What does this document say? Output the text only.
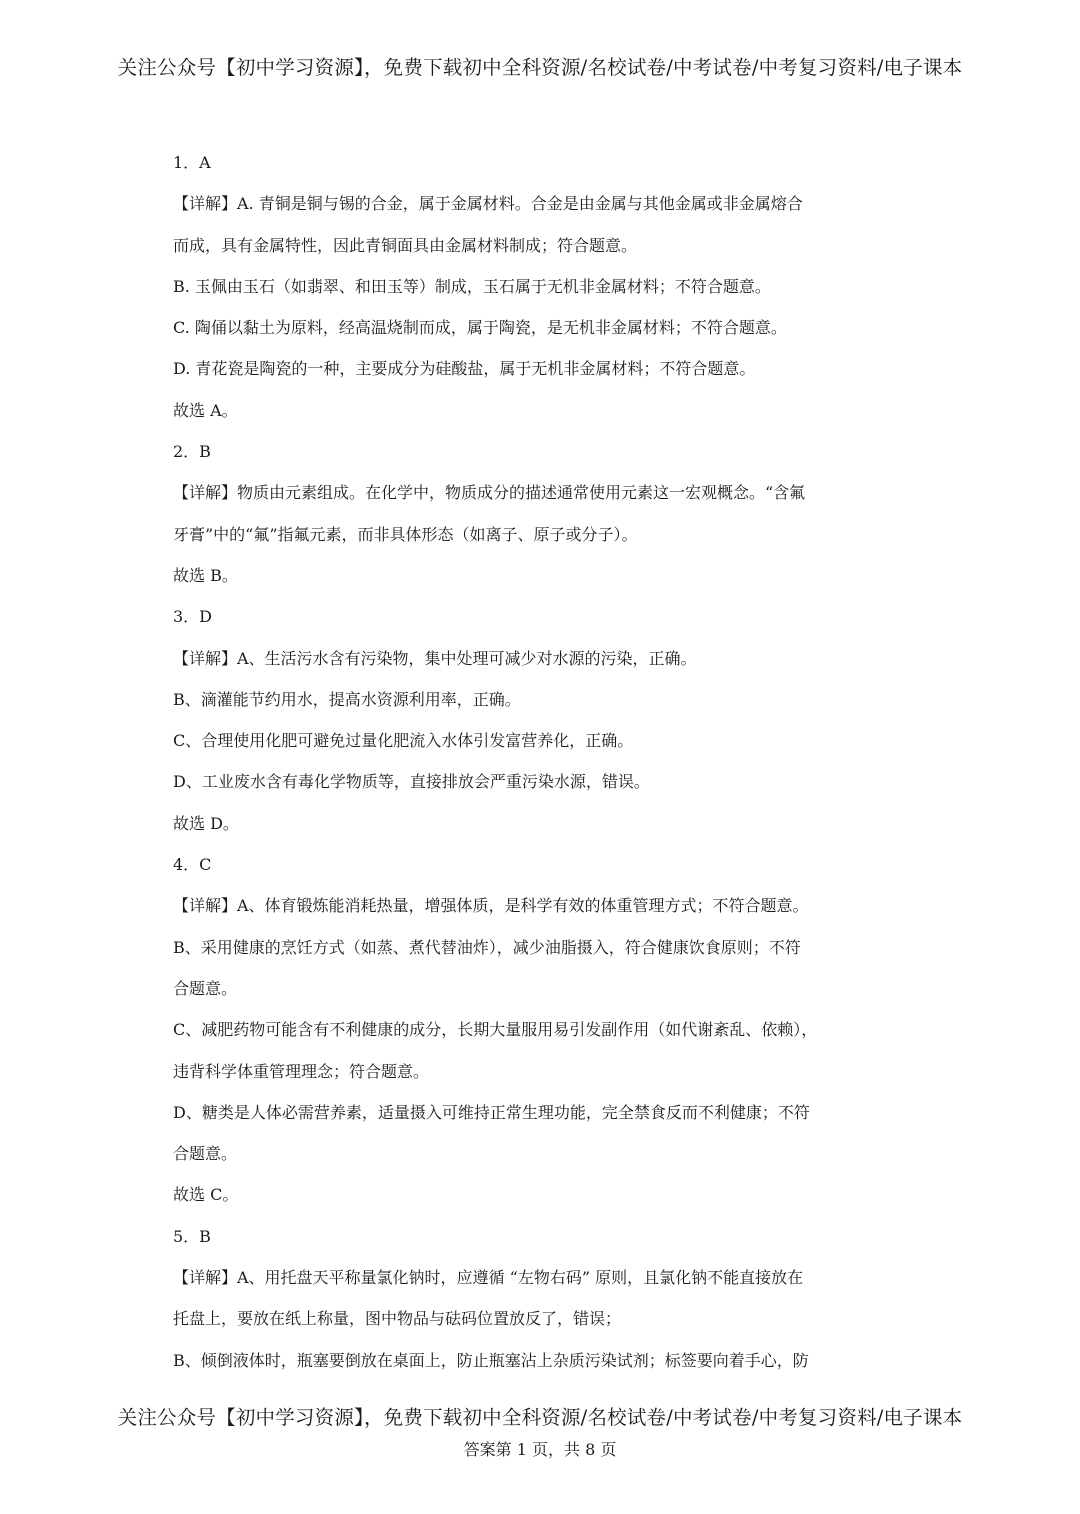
关注公众号【初中学习资源】，免费下载初中全科资源/名校试卷/中考试卷/中考复习资料/电子课本
1．A
【详解】A. 青铜是铜与锡的合金，属于金属材料。合金是由金属与其他金属或非金属熔合
而成，具有金属特性，因此青铜面具由金属材料制成；符合题意。
B. 玉佩由玉石（如翡翠、和田玉等）制成，玉石属于无机非金属材料；不符合题意。
C. 陶俑以黏土为原料，经高温烧制而成，属于陶瓷，是无机非金属材料；不符合题意。
D. 青花瓷是陶瓷的一种，主要成分为硅酸盐，属于无机非金属材料；不符合题意。
故选 A。
2．B
【详解】物质由元素组成。在化学中，物质成分的描述通常使用元素这一宏观概念。“含氟
牙膏”中的“氟”指氟元素，而非具体形态（如离子、原子或分子）。
故选 B。
3．D
【详解】A、生活污水含有污染物，集中处理可减少对水源的污染，正确。
B、滴灌能节约用水，提高水资源利用率，正确。
C、合理使用化肥可避免过量化肥流入水体引发富营养化，正确。
D、工业废水含有毒化学物质等，直接排放会严重污染水源，错误。
故选 D。
4．C
【详解】A、体育锻炼能消耗热量，增强体质，是科学有效的体重管理方式；不符合题意。
B、采用健康的烹饪方式（如蒸、煮代替油炸），减少油脂摄入，符合健康饮食原则；不符
合题意。
C、减肥药物可能含有不利健康的成分，长期大量服用易引发副作用（如代谢紊乱、依赖），
违背科学体重管理理念；符合题意。
D、糖类是人体必需营养素，适量摄入可维持正常生理功能，完全禁食反而不利健康；不符
合题意。
故选 C。
5．B
【详解】A、用托盘天平称量氯化钠时，应遵循 “左物右码” 原则，且氯化钠不能直接放在
托盘上，要放在纸上称量，图中物品与砝码位置放反了，错误；
B、倾倒液体时，瓶塞要倒放在桌面上，防止瓶塞沾上杂质污染试剂；标签要向着手心，防
关注公众号【初中学习资源】，免费下载初中全科资源/名校试卷/中考试卷/中考复习资料/电子课本
答案第 1 页，共 8 页
